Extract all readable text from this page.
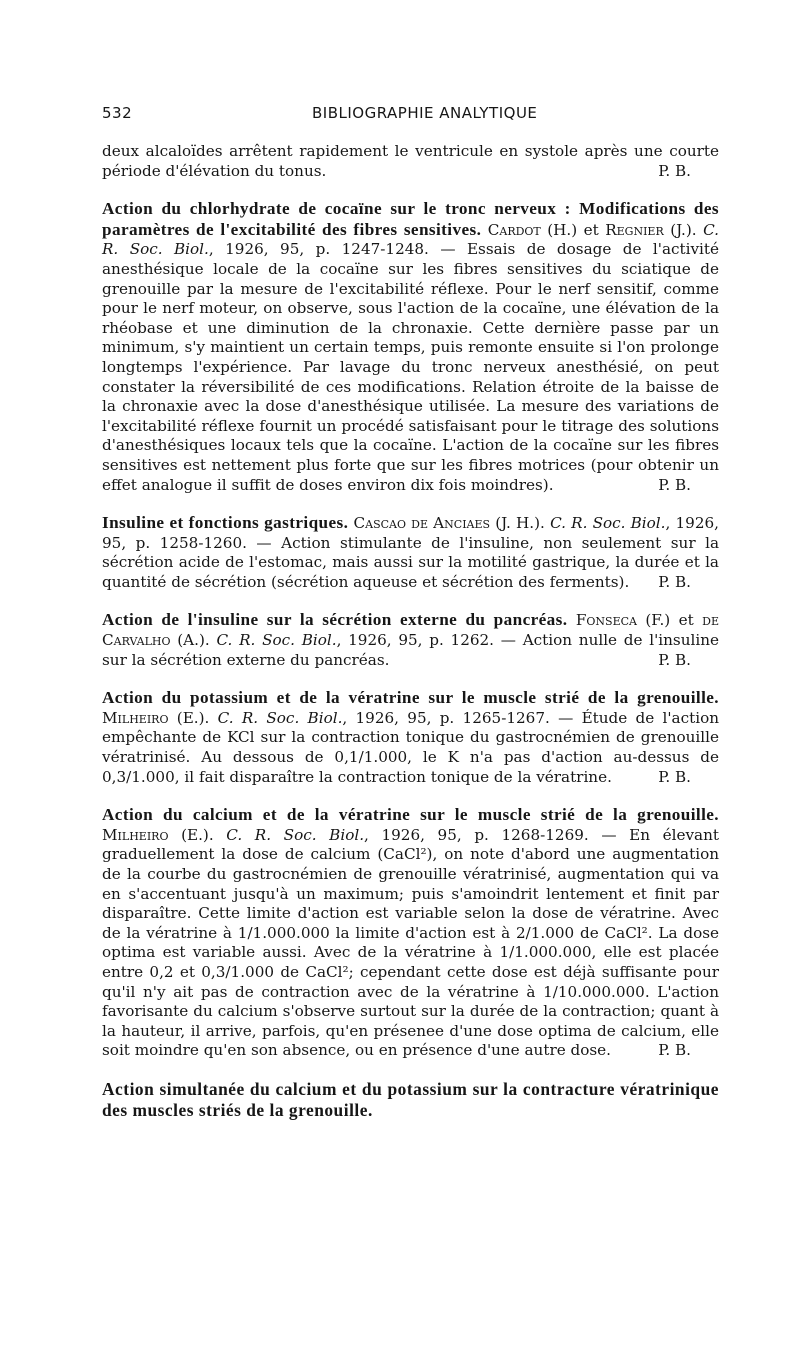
532	BIBLIOGRAPHIE ANALYTIQUE

deux alcaloïdes arrêtent rapidement le ventricule en systole après une courte période d'élévation du tonus.	P. B.

Action du chlorhydrate de cocaïne sur le tronc nerveux : Modifications des paramètres de l'excitabilité des fibres sensitives. Cardot (H.) et Regnier (J.). C. R. Soc. Biol., 1926, 95, p. 1247-1248. — Essais de dosage de l'activité anesthésique locale de la cocaïne sur les fibres sensitives du sciatique de grenouille par la mesure de l'excitabilité réflexe. Pour le nerf sensitif, comme pour le nerf moteur, on observe, sous l'action de la cocaïne, une élévation de la rhéobase et une diminution de la chronaxie. Cette dernière passe par un minimum, s'y maintient un certain temps, puis remonte ensuite si l'on prolonge longtemps l'expérience. Par lavage du tronc nerveux anesthésié, on peut constater la réversibilité de ces modifications. Relation étroite de la baisse de la chronaxie avec la dose d'anesthésique utilisée. La mesure des variations de l'excitabilité réflexe fournit un procédé satisfaisant pour le titrage des solutions d'anesthésiques locaux tels que la cocaïne. L'action de la cocaïne sur les fibres sensitives est nettement plus forte que sur les fibres motrices (pour obtenir un effet analogue il suffit de doses environ dix fois moindres).	P. B.

Insuline et fonctions gastriques. Cascao de Anciaes (J. H.). C. R. Soc. Biol., 1926, 95, p. 1258-1260. — Action stimulante de l'insuline, non seulement sur la sécrétion acide de l'estomac, mais aussi sur la motilité gastrique, la durée et la quantité de sécrétion (sécrétion aqueuse et sécrétion des ferments). P. B.

Action de l'insuline sur la sécrétion externe du pancréas. Fonseca (F.) et de Carvalho (A.). C. R. Soc. Biol., 1926, 95, p. 1262. — Action nulle de l'insuline sur la sécrétion externe du pancréas.	P. B.

Action du potassium et de la vératrine sur le muscle strié de la grenouille. Milheiro (E.). C. R. Soc. Biol., 1926, 95, p. 1265-1267. — Étude de l'action empêchante de KCl sur la contraction tonique du gastrocnémien de grenouille vératrinisé. Au dessous de 0,1/1.000, le K n'a pas d'action au-dessus de 0,3/1.000, il fait disparaître la contraction tonique de la vératrine.	P. B.

Action du calcium et de la vératrine sur le muscle strié de la grenouille. Milheiro (E.). C. R. Soc. Biol., 1926, 95, p. 1268-1269. — En élevant graduellement la dose de calcium (CaCl²), on note d'abord une augmentation de la courbe du gastrocnémien de grenouille vératrinisé, augmentation qui va en s'accentuant jusqu'à un maximum; puis s'amoindrit lentement et finit par disparaître. Cette limite d'action est variable selon la dose de vératrine. Avec de la vératrine à 1/1.000.000 la limite d'action est à 2/1.000 de CaCl². La dose optima est variable aussi. Avec de la vératrine à 1/1.000.000, elle est placée entre 0,2 et 0,3/1.000 de CaCl²; cependant cette dose est déjà suffisante pour qu'il n'y ait pas de contraction avec de la vératrine à 1/10.000.000. L'action favorisante du calcium s'observe surtout sur la durée de la contraction; quant à la hauteur, il arrive, parfois, qu'en présenee d'une dose optima de calcium, elle soit moindre qu'en son absence, ou en présence d'une autre dose.	P. B.

Action simultanée du calcium et du potassium sur la contracture vératrinique des muscles striés de la grenouille.
